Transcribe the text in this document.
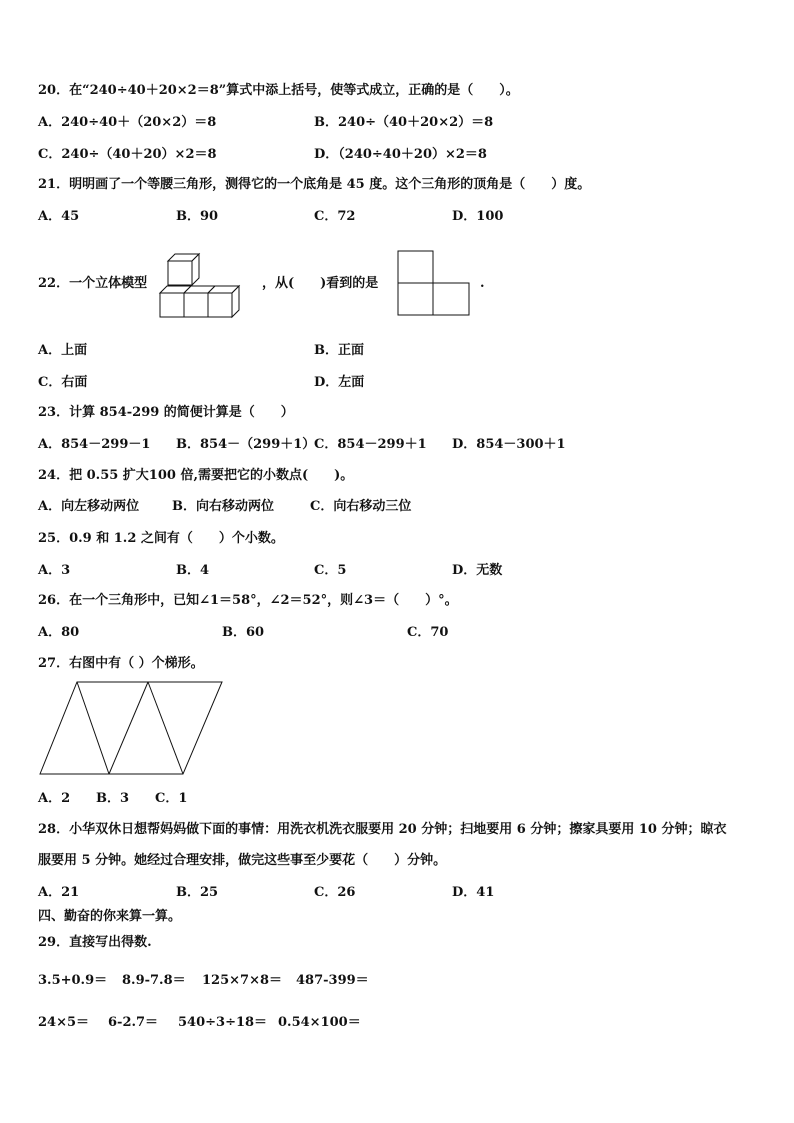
20．在“240÷40＋20×2＝8”算式中添上括号，使等式成立，正确的是（　　）。
A．240÷40＋（20×2）＝8	B．240÷（40＋20×2）＝8
C．240÷（40＋20）×2＝8	D．（240÷40＋20）×2＝8
21．明明画了一个等腰三角形，测得它的一个底角是 45 度。这个三角形的顶角是（　　）度。
A．45	B．90	C．72	D．100
22．一个立体模型	，从(　　)看到的是	.
A．上面	B．正面
C．右面	D．左面
23．计算 854-299 的简便计算是（　　）
A．854－299－1 B．854－（299＋1）
C．854－299＋1 D．854－300＋1
24．把 0.55 扩大100 倍,需要把它的小数点(　　)。
A．向左移动两位	B．向右移动两位	C．向右移动三位
25．0.9 和 1.2 之间有（　　）个小数。
A．3	B．4	C．5	D．无数
26．在一个三角形中，已知∠1＝58°，∠2＝52°，则∠3＝（　　）°。
A．80	B．60	C．70
27．右图中有（ ）个梯形。
A．2 B．3 C．1
28．小华双休日想帮妈妈做下面的事情：用洗衣机洗衣服要用 20 分钟；扫地要用 6 分钟；擦家具要用 10 分钟；晾衣
服要用 5 分钟。她经过合理安排，做完这些事至少要花（　　）分钟。
A．21	B．25	C．26	D．41
四、勤奋的你来算一算。
29．直接写出得数.
3.5+0.9＝ 8.9-7.8＝ 125×7×8＝ 487-399＝
24×5＝ 6-2.7＝ 540÷3÷18＝ 0.54×100＝
